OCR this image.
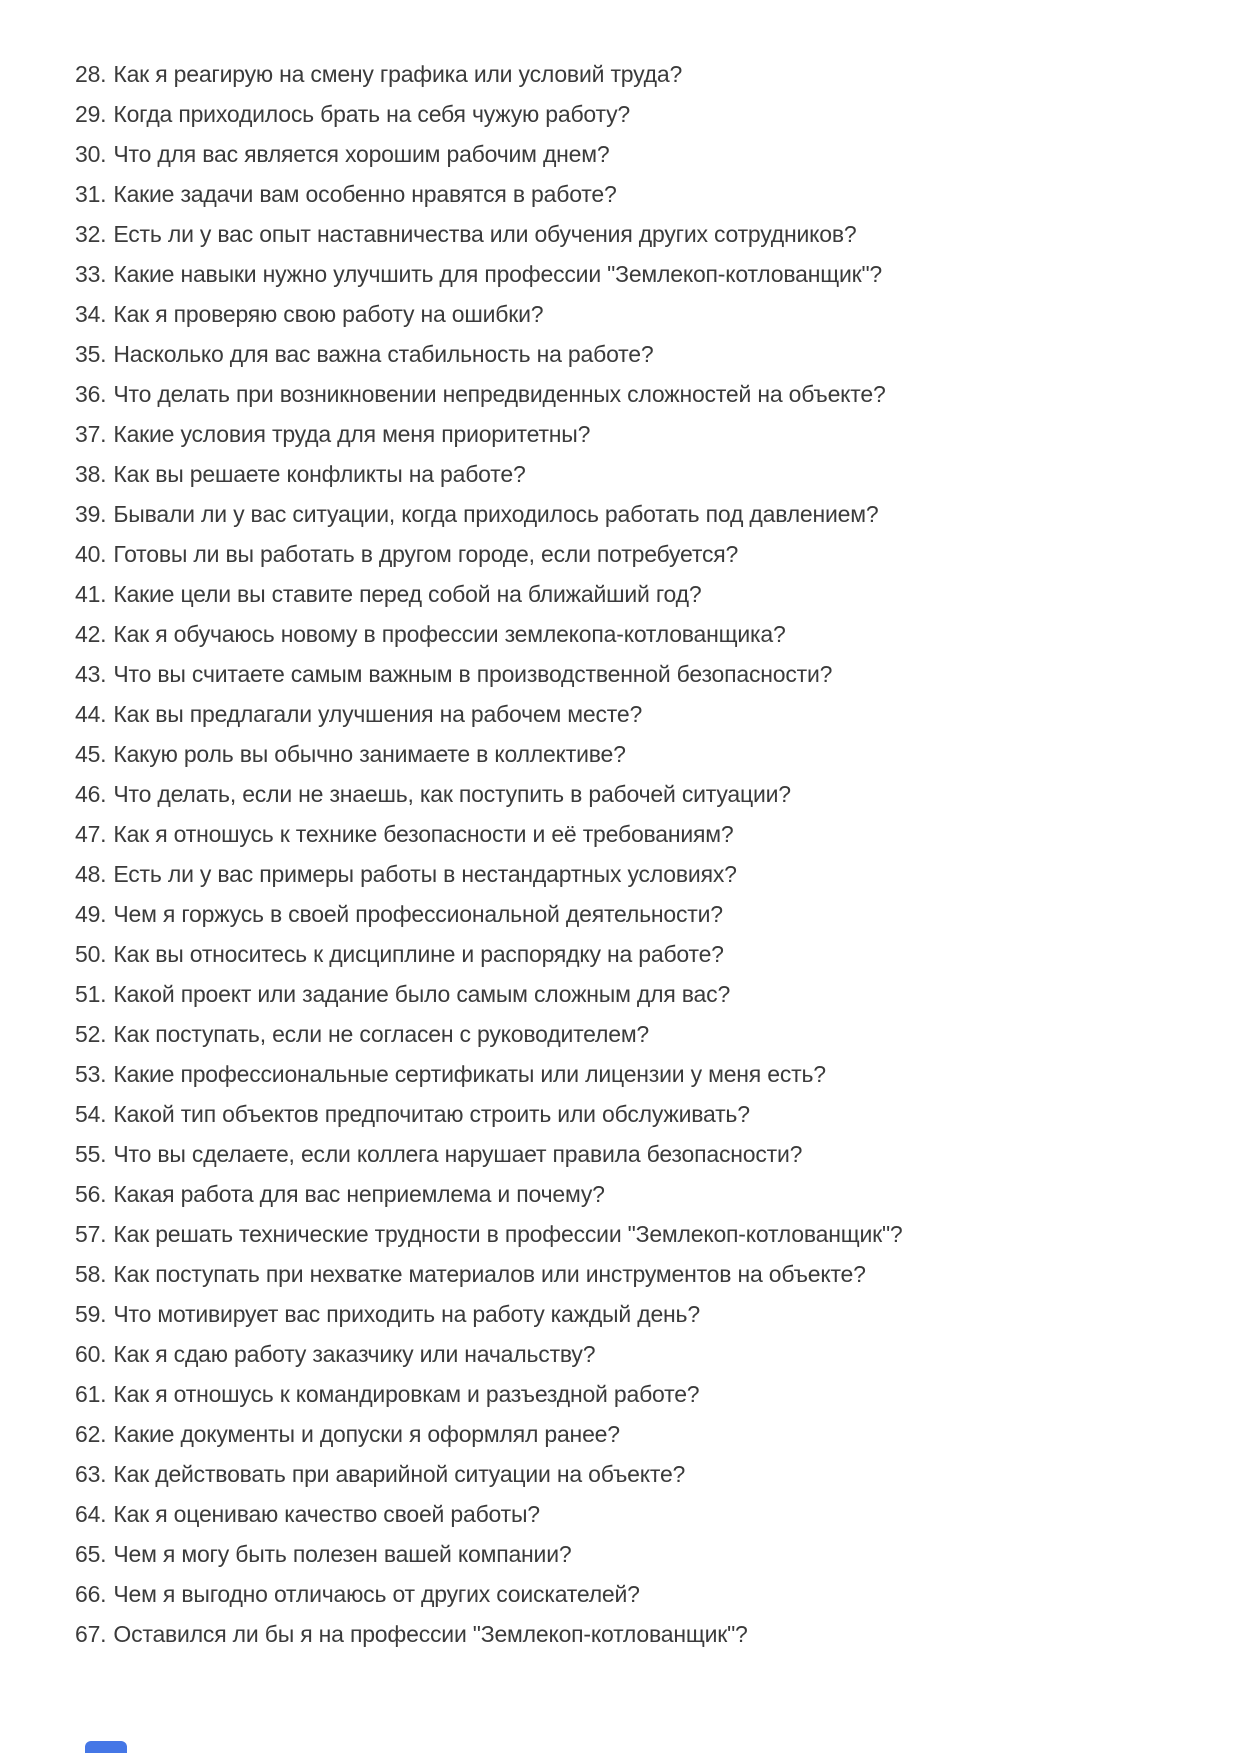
28. Как я реагирую на смену графика или условий труда?
29. Когда приходилось брать на себя чужую работу?
30. Что для вас является хорошим рабочим днем?
31. Какие задачи вам особенно нравятся в работе?
32. Есть ли у вас опыт наставничества или обучения других сотрудников?
33. Какие навыки нужно улучшить для профессии "Землекоп-котлованщик"?
34. Как я проверяю свою работу на ошибки?
35. Насколько для вас важна стабильность на работе?
36. Что делать при возникновении непредвиденных сложностей на объекте?
37. Какие условия труда для меня приоритетны?
38. Как вы решаете конфликты на работе?
39. Бывали ли у вас ситуации, когда приходилось работать под давлением?
40. Готовы ли вы работать в другом городе, если потребуется?
41. Какие цели вы ставите перед собой на ближайший год?
42. Как я обучаюсь новому в профессии землекопа-котлованщика?
43. Что вы считаете самым важным в производственной безопасности?
44. Как вы предлагали улучшения на рабочем месте?
45. Какую роль вы обычно занимаете в коллективе?
46. Что делать, если не знаешь, как поступить в рабочей ситуации?
47. Как я отношусь к технике безопасности и её требованиям?
48. Есть ли у вас примеры работы в нестандартных условиях?
49. Чем я горжусь в своей профессиональной деятельности?
50. Как вы относитесь к дисциплине и распорядку на работе?
51. Какой проект или задание было самым сложным для вас?
52. Как поступать, если не согласен с руководителем?
53. Какие профессиональные сертификаты или лицензии у меня есть?
54. Какой тип объектов предпочитаю строить или обслуживать?
55. Что вы сделаете, если коллега нарушает правила безопасности?
56. Какая работа для вас неприемлема и почему?
57. Как решать технические трудности в профессии "Землекоп-котлованщик"?
58. Как поступать при нехватке материалов или инструментов на объекте?
59. Что мотивирует вас приходить на работу каждый день?
60. Как я сдаю работу заказчику или начальству?
61. Как я отношусь к командировкам и разъездной работе?
62. Какие документы и допуски я оформлял ранее?
63. Как действовать при аварийной ситуации на объекте?
64. Как я оцениваю качество своей работы?
65. Чем я могу быть полезен вашей компании?
66. Чем я выгодно отличаюсь от других соискателей?
67. Оставился ли бы я на профессии "Землекоп-котлованщик"?
